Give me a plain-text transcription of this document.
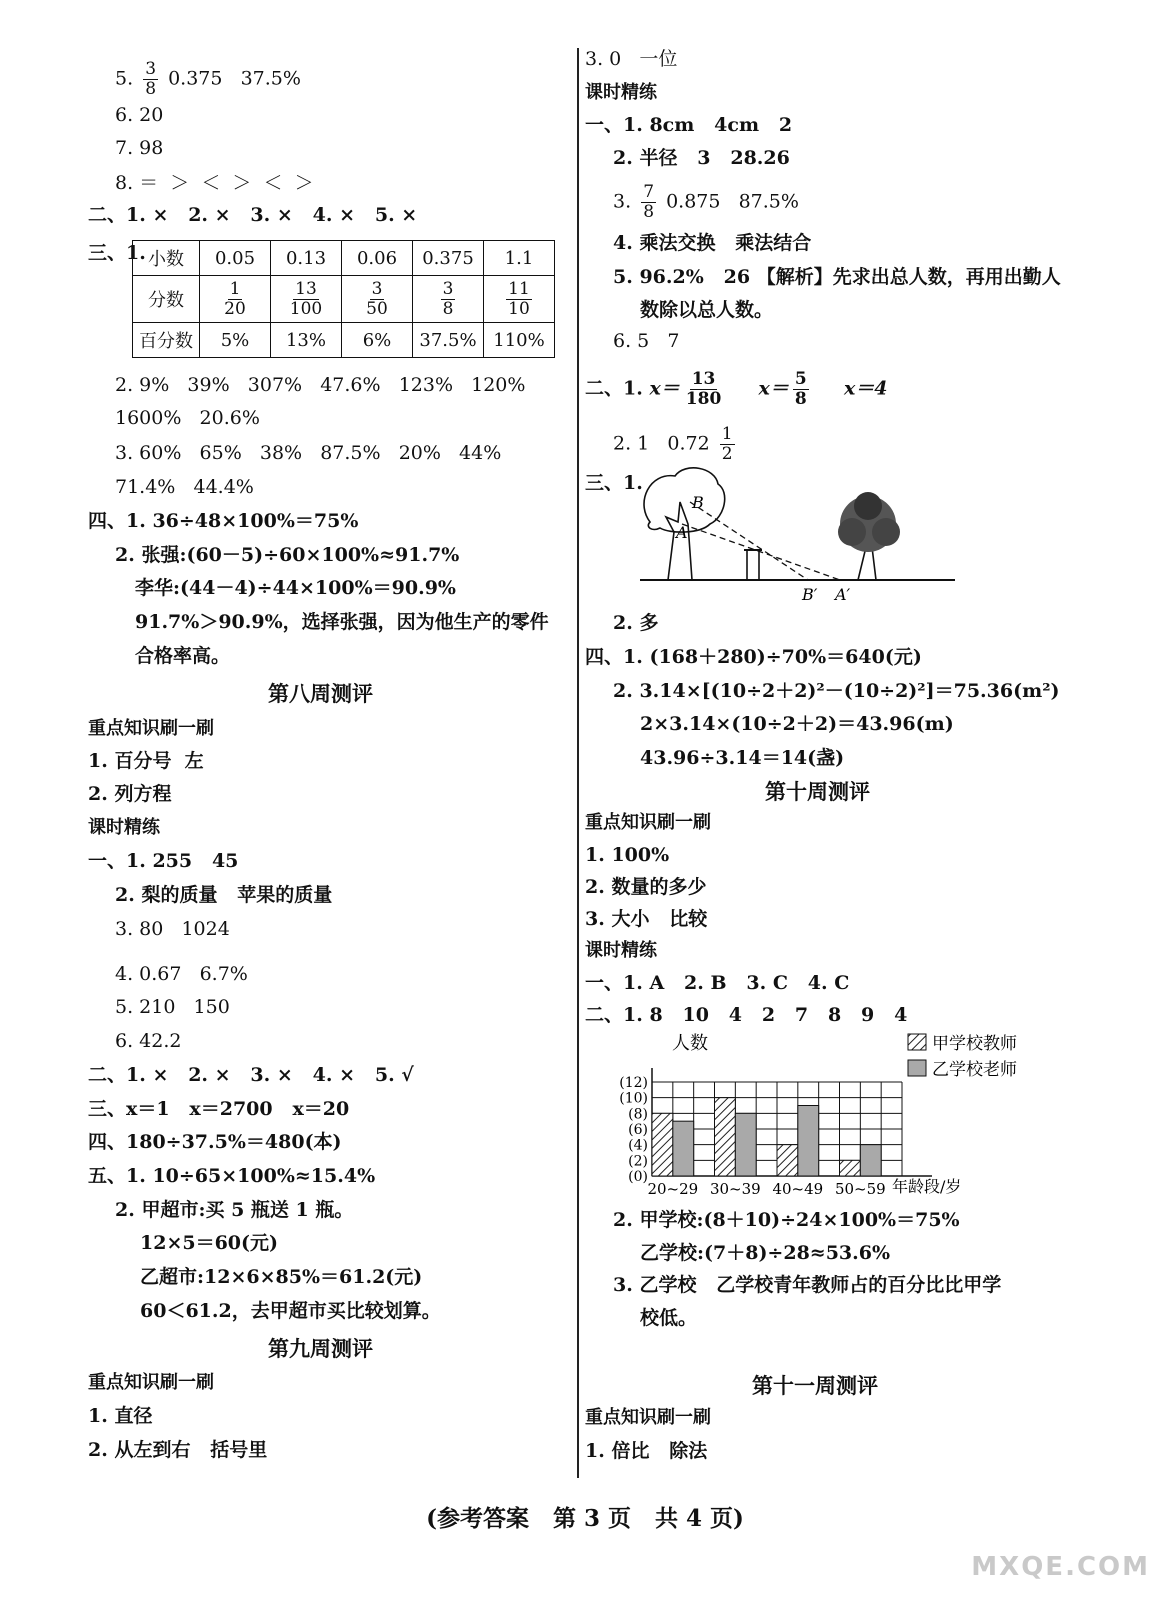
5. $\frac{3}{8} 0.375$   37.5%
6. 20
7. 98
8. ＝  ＞  ＜  ＞  ＜  ＞
二、1. ×   2. ×   3. ×   4. ×   5. ×
三、1. 小数	0.05	0.13	0.06	0.375	1.1
分数	$\frac{1}{20}$	$\frac{13}{100}$	$\frac{3}{50}$	$\frac{3}{8}$	$\frac{11}{10}$

百分数	5%	13%	6%	37.5%	110%
2. 9%   39%   307%   47.6%   123%   120%
1600%   20.6%
3. 60%   65%   38%   87.5%   20%   44%
71.4%   44.4%
四、1. 36÷48×100%＝75%
2. 张强:(60－5)÷60×100%≈91.7%
李华:(44－4)÷44×100%＝90.9%
91.7%＞90.9%，选择张强，因为他生产的零件
合格率高。
第八周测评
重点知识刷一刷
1. 百分号  左
2. 列方程
课时精练
一、1. 255   45
2. 梨的质量   苹果的质量
3. 80   1024
4. 0.67   6.7%
5. 210   150
6. 42.2
二、1. ×   2. ×   3. ×   4. ×   5. √
三、x＝1   x＝2700   x＝20
四、180÷37.5%＝480(本)
五、1. 10÷65×100%≈15.4%
2. 甲超市:买 5 瓶送 1 瓶。
12×5＝60(元)
乙超市:12×6×85%＝61.2(元)
60＜61.2，去甲超市买比较划算。
第九周测评
重点知识刷一刷
1. 直径
2. 从左到右   括号里
3. 0   一位
课时精练
一、1. 8cm   4cm   2
2. 半径   3   28.26
3. $\frac{7}{8} 0.875$   87.5%
4. 乘法交换   乘法结合
5. 96.2%   26 【解析】先求出总人数，再用出勤人
数除以总人数。
6. 5   7
二、1. $x= \frac{13}{180} x= \frac{5}{8} x=4$
2. 1   $0.72 \frac{1}{2}$
三、1.
B
A
B′ A′
2. 多
四、1. (168＋280)÷70%＝640(元)
2. 3.14×[(10÷2＋2)²－(10÷2)²]＝75.36(m²)
2×3.14×(10÷2＋2)＝43.96(m)
43.96÷3.14＝14(盏)
第十周测评
重点知识刷一刷
1. 100%
2. 数量的多少
3. 大小   比较
课时精练
一、1. A   2. B   3. C   4. C
二、1. 8   10   4   2   7   8   9   4
人数
年龄段/岁
甲学校教师
乙学校老师
(0)
(2)
(4)
(6)
(8)
(10)
(12)
20~29 30~39 40~49 50~59
2. 甲学校:(8＋10)÷24×100%＝75%
乙学校:(7＋8)÷28≈53.6%
3. 乙学校   乙学校青年教师占的百分比比甲学
校低。
第十一周测评
重点知识刷一刷
1. 倍比   除法
(参考答案   第 3 页   共 4 页)
MXQE.COM
